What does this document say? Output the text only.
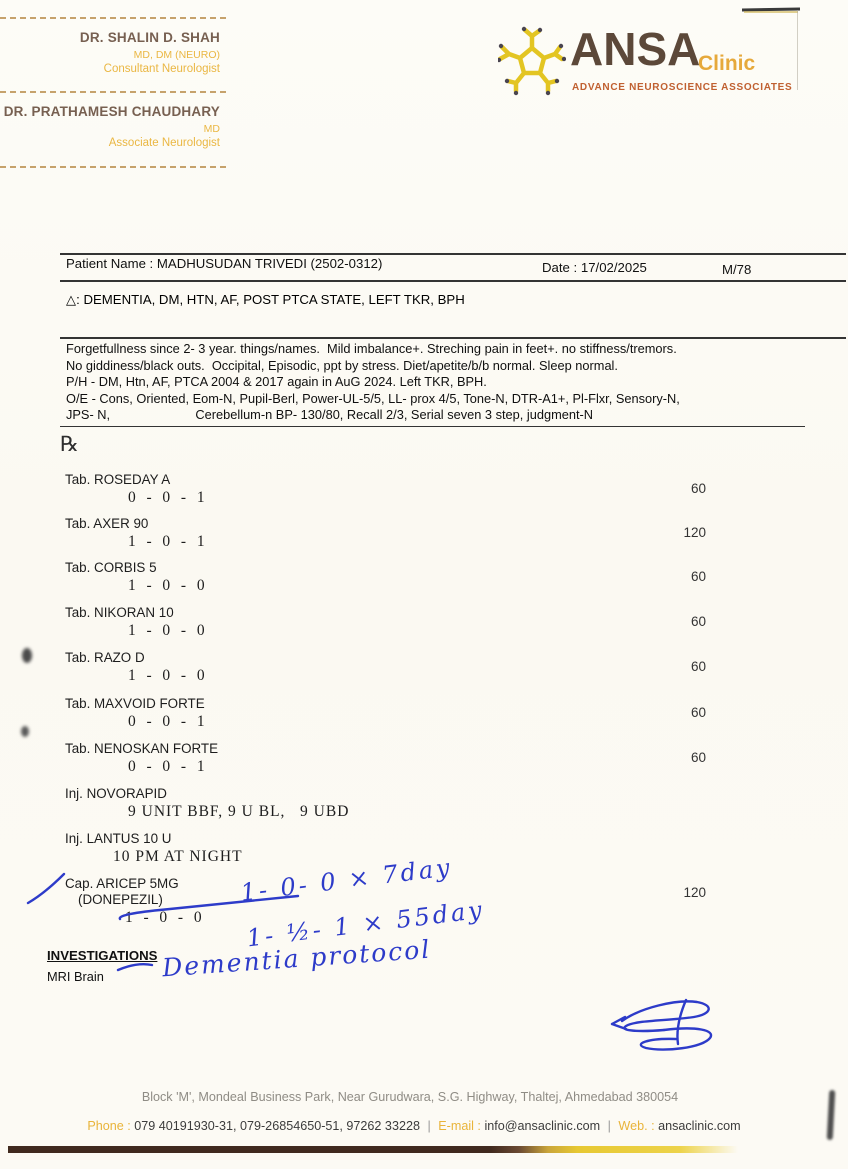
DR. SHALIN D. SHAH
MD, DM (NEURO)
Consultant Neurologist
DR. PRATHAMESH CHAUDHARY
MD
Associate Neurologist
ANSA
Clinic
ADVANCE NEUROSCIENCE ASSOCIATES
Patient Name : MADHUSUDAN TRIVEDI (2502-0312)	Date : 17/02/2025	M/78
△: DEMENTIA, DM, HTN, AF, POST PTCA STATE, LEFT TKR, BPH
Forgetfullness since 2- 3 year. things/names.  Mild imbalance+. Streching pain in feet+. no stiffness/tremors.
No giddiness/black outs.  Occipital, Episodic, ppt by stress. Diet/apetite/b/b normal. Sleep normal.
P/H - DM, Htn, AF, PTCA 2004 & 2017 again in AuG 2024. Left TKR, BPH.
O/E - Cons, Oriented, Eom-N, Pupil-Berl, Power-UL-5/5, LL- prox 4/5, Tone-N, DTR-A1+, Pl-Flxr, Sensory-N,
JPS- N,                        Cerebellum-n BP- 130/80, Recall 2/3, Serial seven 3 step, judgment-N
℞
Tab. ROSEDAY A
0  -  0  -  1
60
Tab. AXER 90
1  -  0  -  1
120
Tab. CORBIS 5
1  -  0  -  0
60
Tab. NIKORAN 10
1  -  0  -  0
60
Tab. RAZO D
1  -  0  -  0
60
Tab. MAXVOID FORTE
0  -  0  -  1
60
Tab. NENOSKAN FORTE
0  -  0  -  1
60
Inj. NOVORAPID
9 UNIT BBF, 9 U BL,   9 UBD
Inj. LANTUS 10 U
10 PM AT NIGHT
Cap. ARICEP 5MG
(DONEPEZIL)
1  -  0  -  0
120
INVESTIGATIONS
MRI Brain
1- 0- 0 × 7day
1- ½- 1 × 55day
Dementia protocol
Block 'M', Mondeal Business Park, Near Gurudwara, S.G. Highway, Thaltej, Ahmedabad 380054
Phone : 079 40191930-31, 079-26854650-51, 97262 33228 | E-mail : info@ansaclinic.com | Web. : ansaclinic.com
